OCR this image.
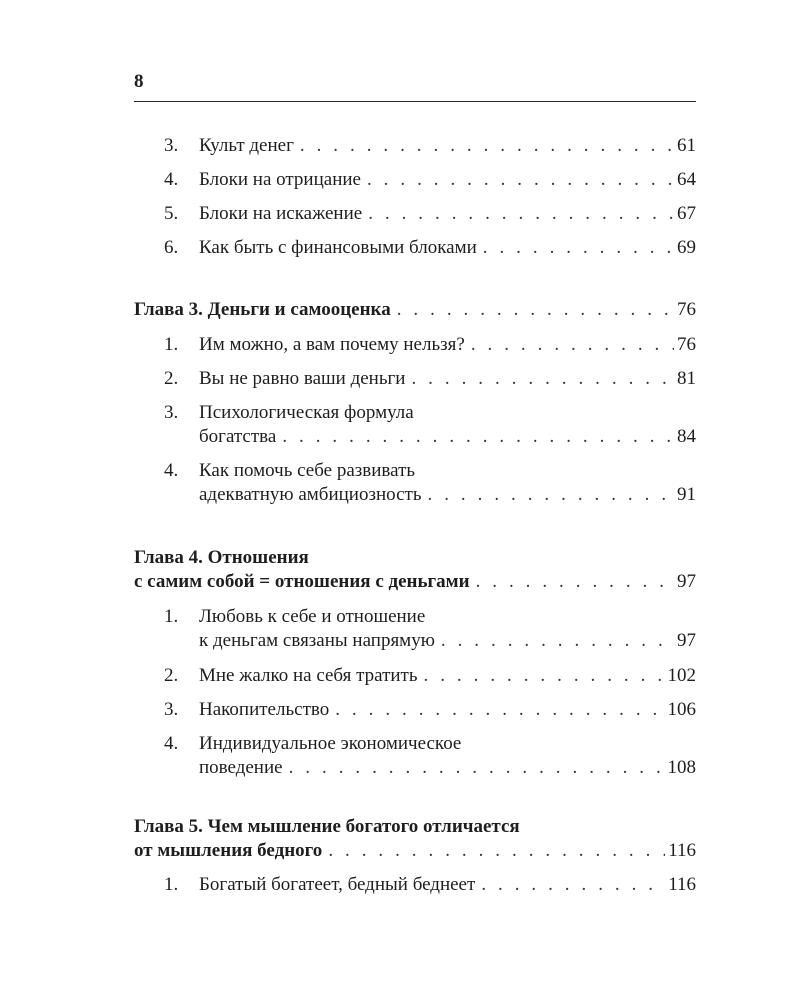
8
3. Культ денег . . .	61
4. Блоки на отрицание . . .	64
5. Блоки на искажение . . .	67
6. Как быть с финансовыми блоками . . .	69
Глава 3. Деньги и самооценка . . .	76
1. Им можно, а вам почему нельзя? . . .	76
2. Вы не равно ваши деньги . . .	81
3. Психологическая формула
богатства . . .	84
4. Как помочь себе развивать
адекватную амбициозность . . .	91
Глава 4. Отношения
с самим собой = отношения с деньгами . . .	97
1. Любовь к себе и отношение
к деньгам связаны напрямую . . .	97
2. Мне жалко на себя тратить . . .	102
3. Накопительство . . .	106
4. Индивидуальное экономическое
поведение . . .	108
Глава 5. Чем мышление богатого отличается
от мышления бедного . . .	116
1. Богатый богатеет, бедный беднеет . . .	116
